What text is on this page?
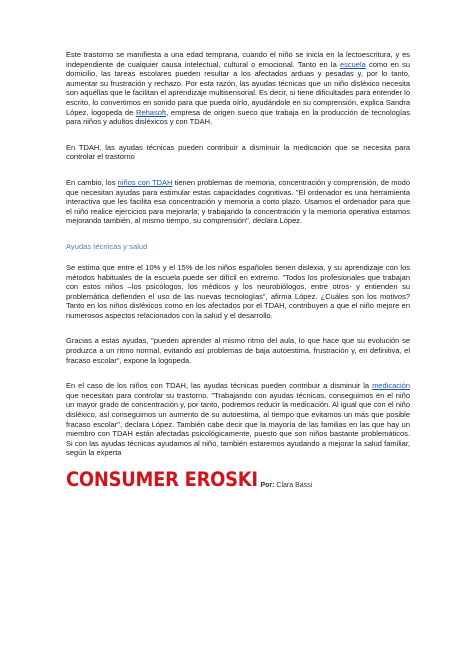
Este trastorno se manifiesta a una edad temprana, cuando el niño se inicia en la lectoescritura, y es independiente de cualquier causa intelectual, cultural o emocional. Tanto en la escuela como en su domicilio, las tareas escolares pueden resultar a los afectados arduas y pesadas y, por lo tanto, aumentar su frustración y rechazo. Por esta razón, las ayudas técnicas que un niño disléxico necesita son aquéllas que le facilitan el aprendizaje multisensorial. Es decir, si tiene dificultades para entender lo escrito, lo convertimos en sonido para que pueda oírlo, ayudándole en su comprensión, explica Sandra López, logopeda de Rehasoft, empresa de origen sueco que trabaja en la producción de tecnologías para niños y adultos disléxicos y con TDAH.

En TDAH, las ayudas técnicas pueden contribuir a disminuir la medicación que se necesita para controlar el trastorno

En cambio, los niños con TDAH tienen problemas de memoria, concentración y comprensión, de modo que necesitan ayudas para estimular estas capacidades cognitivas. "El ordenador es una herramienta interactiva que les facilita esa concentración y memoria a corto plazo. Usamos el ordenador para que el niño realice ejercicios para mejorarla; y trabajando la concentración y la memoria operativa estamos mejorando también, al mismo tiempo, su comprensión", declara López.

Ayudas técnicas y salud

Se estima que entre el 10% y el 15% de los niños españoles tienen dislexia, y su aprendizaje con los métodos habituales de la escuela puede ser difícil en extremo. "Todos los profesionales que trabajan con estos niños –los psicólogos, los médicos y los neurobiólogos, entre otros- y entienden su problemática defienden el uso de las nuevas tecnologías", afirma López. ¿Cuáles son los motivos? Tanto en los niños disléxicos como en los afectados por el TDAH, contribuyen a que el niño mejore en numerosos aspectos relacionados con la salud y el desarrollo.

Gracias a estas ayudas, "pueden aprender al mismo ritmo del aula, lo que hace que su evolución se produzca a un ritmo normal, evitando así problemas de baja autoestima, frustración y, en definitiva, el fracaso escolar", expone la logopeda.

En el caso de los niños con TDAH, las ayudas técnicas pueden contribuir a disminuir la medicación que necesitan para controlar su trastorno. "Trabajando con ayudas técnicas, conseguimos en el niño un mayor grado de concentración y, por tanto, podremos reducir la medicación. Al igual que con el niño disléxico, así conseguimos un aumento de su autoestima, al tiempo que evitamos un más que posible fracaso escolar", declara López. También cabe decir que la mayoría de las familias en las que hay un miembro con TDAH están afectadas psicológicamente, puesto que son niños bastante problemáticos. Si con las ayudas técnicas ayudamos al niño, también estaremos ayudando a mejorar la salud familiar, según la experta

CONSUMER EROSKI Por: Clara Bassi
